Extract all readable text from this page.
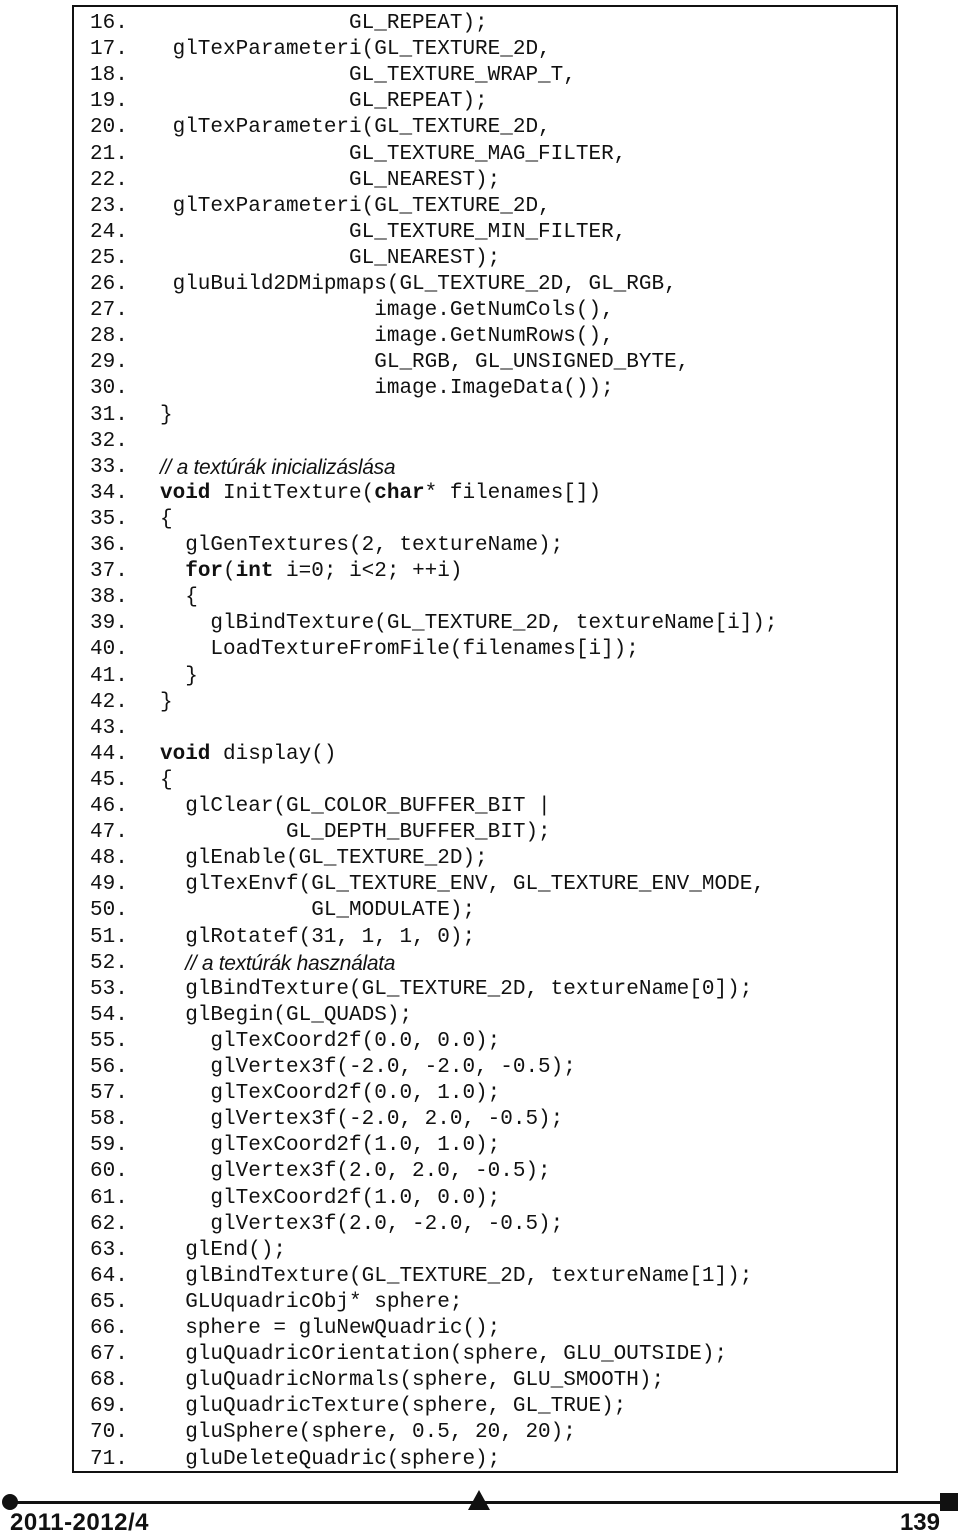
16.	GL_REPEAT);
17.	glTexParameteri(GL_TEXTURE_2D,
18.	GL_TEXTURE_WRAP_T,
19.	GL_REPEAT);
20.	glTexParameteri(GL_TEXTURE_2D,
21.	GL_TEXTURE_MAG_FILTER,
22.	GL_NEAREST);
23.	glTexParameteri(GL_TEXTURE_2D,
24.	GL_TEXTURE_MIN_FILTER,
25.	GL_NEAREST);
26.	gluBuild2DMipmaps(GL_TEXTURE_2D, GL_RGB,
27.	image.GetNumCols(),
28.	image.GetNumRows(),
29.	GL_RGB, GL_UNSIGNED_BYTE,
30.	image.ImageData());
31.	}
32.
33.	// a textúrák inicializáslása
34.	void InitTexture(char* filenames[])
35.	{
36.	glGenTextures(2, textureName);
37.	for(int i=0; i<2; ++i)
38.	{
39.	glBindTexture(GL_TEXTURE_2D, textureName[i]);
40.	LoadTextureFromFile(filenames[i]);
41.	}
42.	}
43.
44.	void display()
45.	{
46.	glClear(GL_COLOR_BUFFER_BIT |
47.	GL_DEPTH_BUFFER_BIT);
48.	glEnable(GL_TEXTURE_2D);
49.	glTexEnvf(GL_TEXTURE_ENV, GL_TEXTURE_ENV_MODE,
50.	GL_MODULATE);
51.	glRotatef(31, 1, 1, 0);
52.	// a textúrák használata
53.	glBindTexture(GL_TEXTURE_2D, textureName[0]);
54.	glBegin(GL_QUADS);
55.	glTexCoord2f(0.0, 0.0);
56.	glVertex3f(-2.0, -2.0, -0.5);
57.	glTexCoord2f(0.0, 1.0);
58.	glVertex3f(-2.0, 2.0, -0.5);
59.	glTexCoord2f(1.0, 1.0);
60.	glVertex3f(2.0, 2.0, -0.5);
61.	glTexCoord2f(1.0, 0.0);
62.	glVertex3f(2.0, -2.0, -0.5);
63.	glEnd();
64.	glBindTexture(GL_TEXTURE_2D, textureName[1]);
65.	GLUquadricObj* sphere;
66.	sphere = gluNewQuadric();
67.	gluQuadricOrientation(sphere, GLU_OUTSIDE);
68.	gluQuadricNormals(sphere, GLU_SMOOTH);
69.	gluQuadricTexture(sphere, GL_TRUE);
70.	gluSphere(sphere, 0.5, 20, 20);
71.	gluDeleteQuadric(sphere);
2011-2012/4	139
